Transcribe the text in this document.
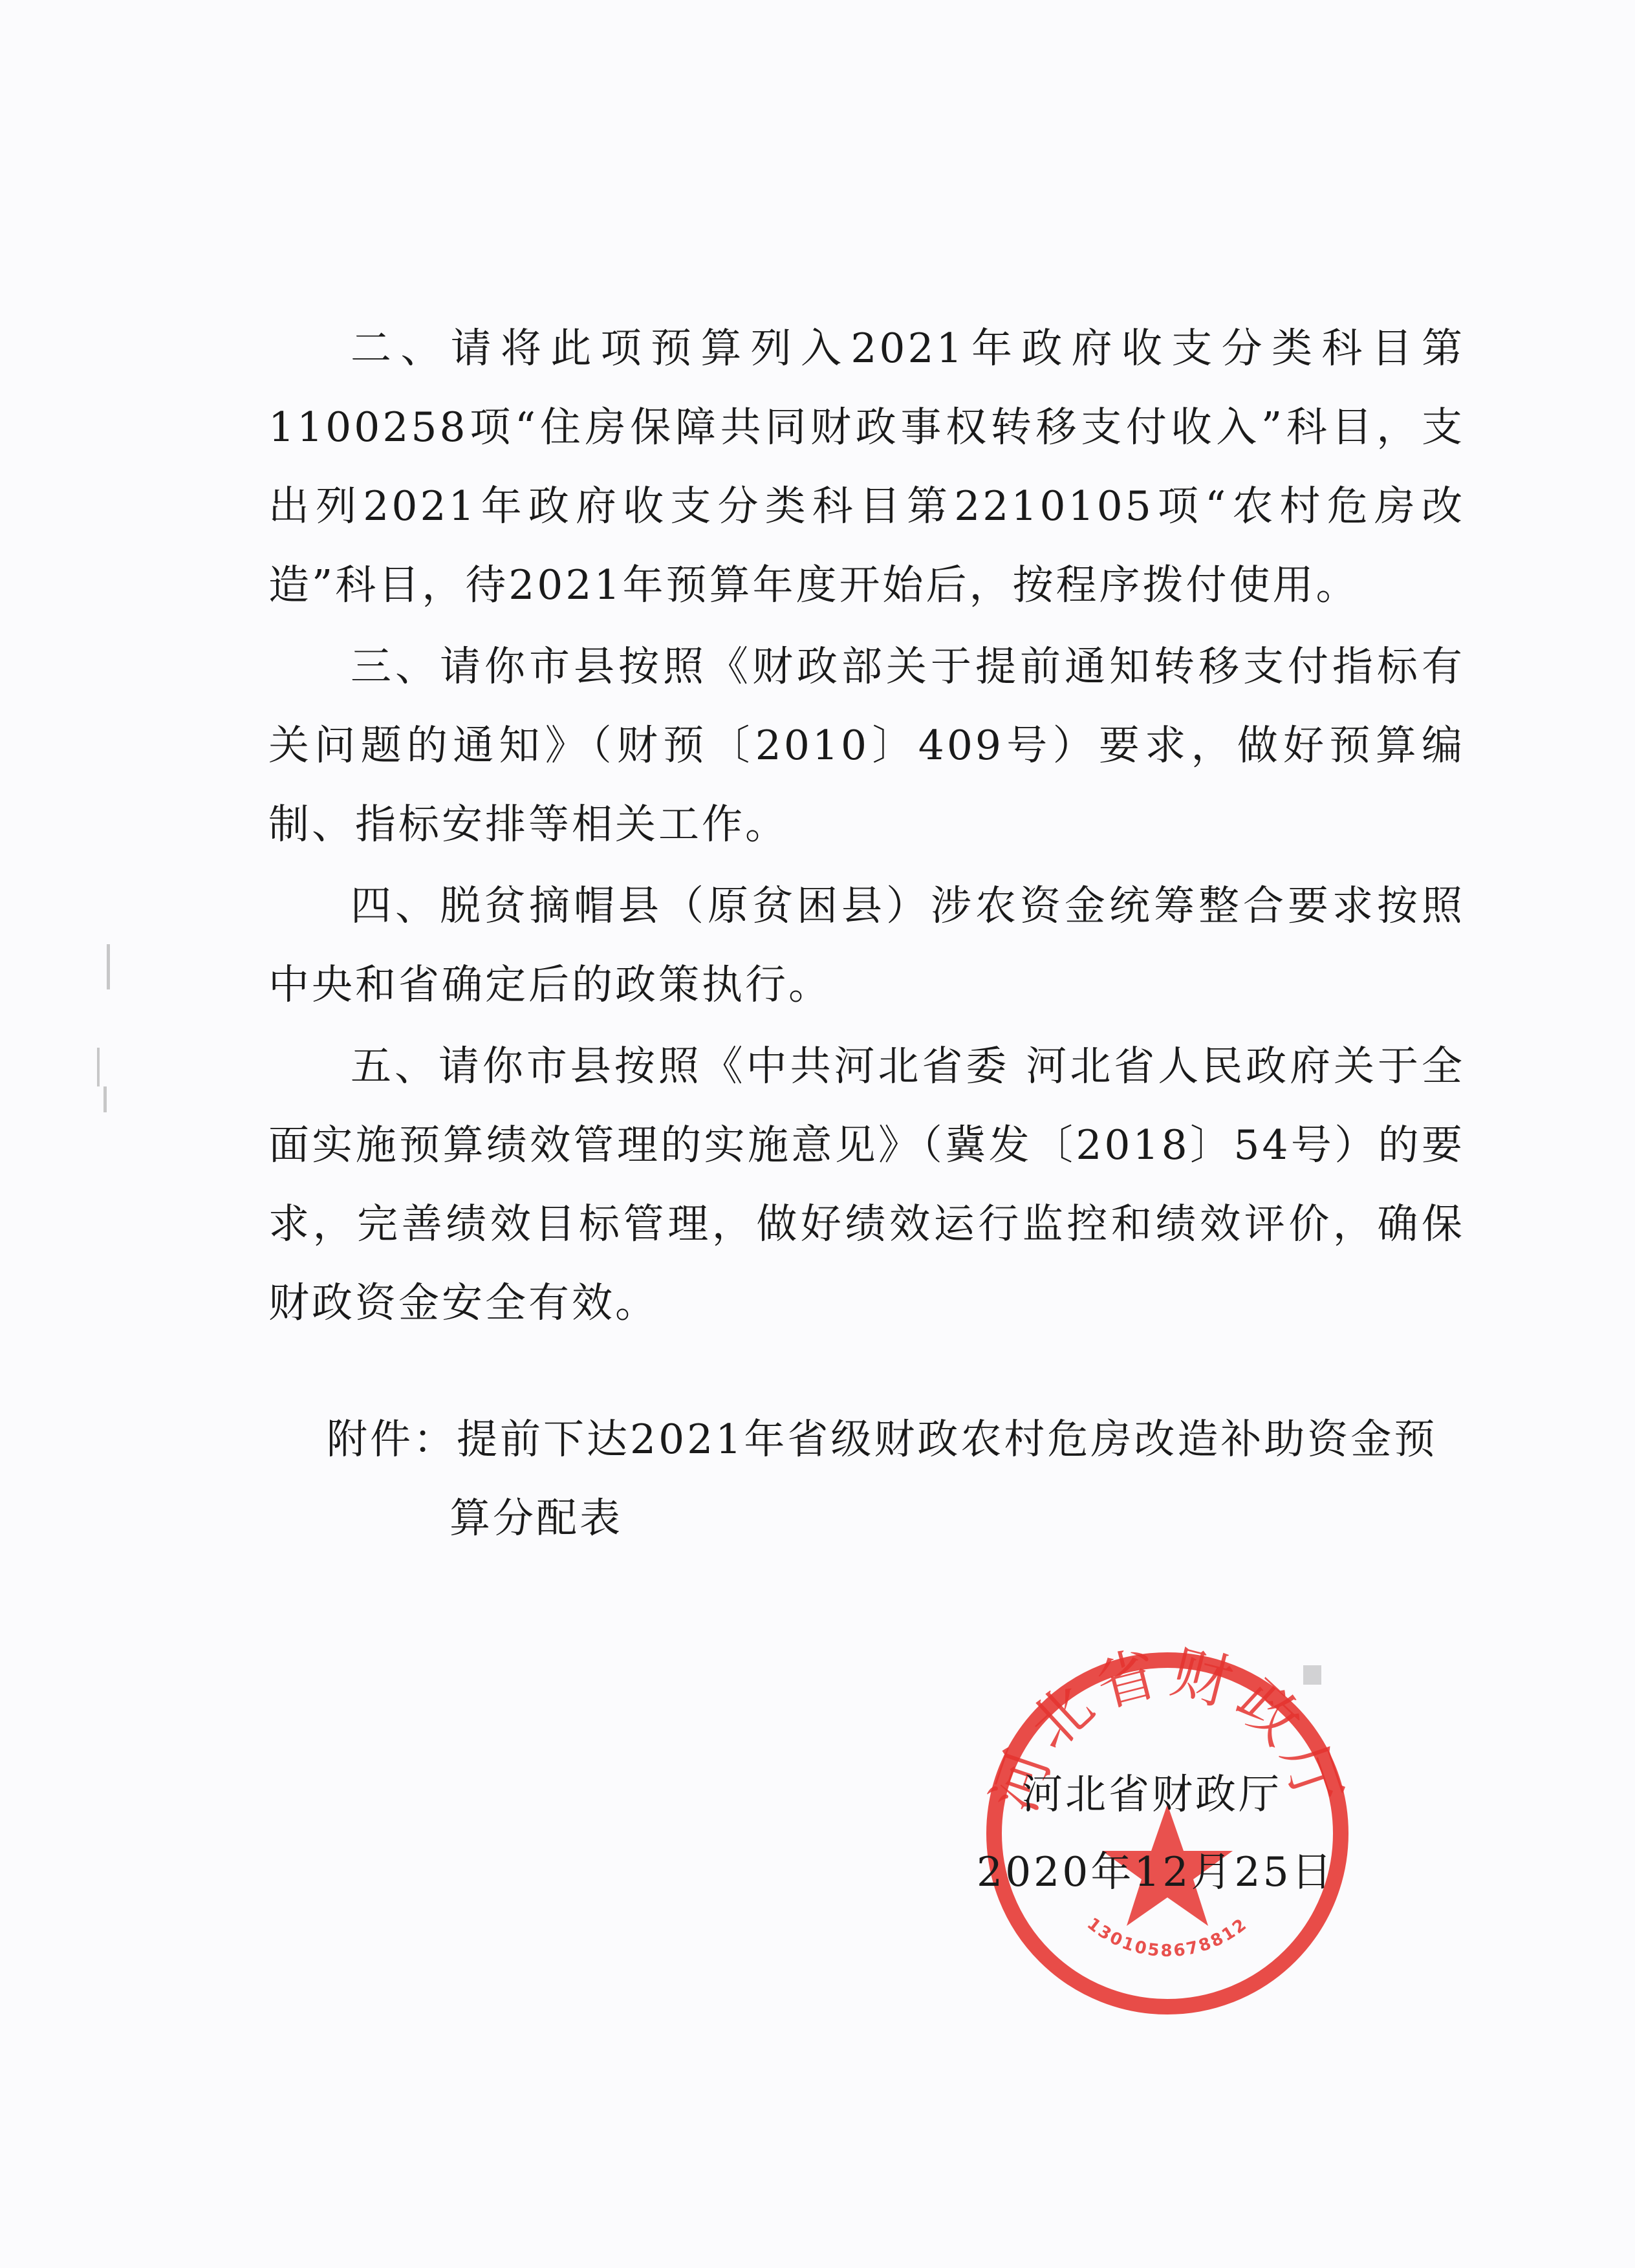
二、请将此项预算列入2021年政府收支分类科目第1100258项“住房保障共同财政事权转移支付收入”科目，支出列2021年政府收支分类科目第2210105项“农村危房改造”科目，待2021年预算年度开始后，按程序拨付使用。

三、请你市县按照《财政部关于提前通知转移支付指标有关问题的通知》（财预〔2010〕409号）要求，做好预算编制、指标安排等相关工作。

四、脱贫摘帽县（原贫困县）涉农资金统筹整合要求按照中央和省确定后的政策执行。

五、请你市县按照《中共河北省委 河北省人民政府关于全面实施预算绩效管理的实施意见》（冀发〔2018〕54号）的要求，完善绩效目标管理，做好绩效运行监控和绩效评价，确保财政资金安全有效。

附件： 提前下达2021年省级财政农村危房改造补助资金预算分配表
河北省财政厅
1301058678812
河北省财政厅
2020年12月25日
